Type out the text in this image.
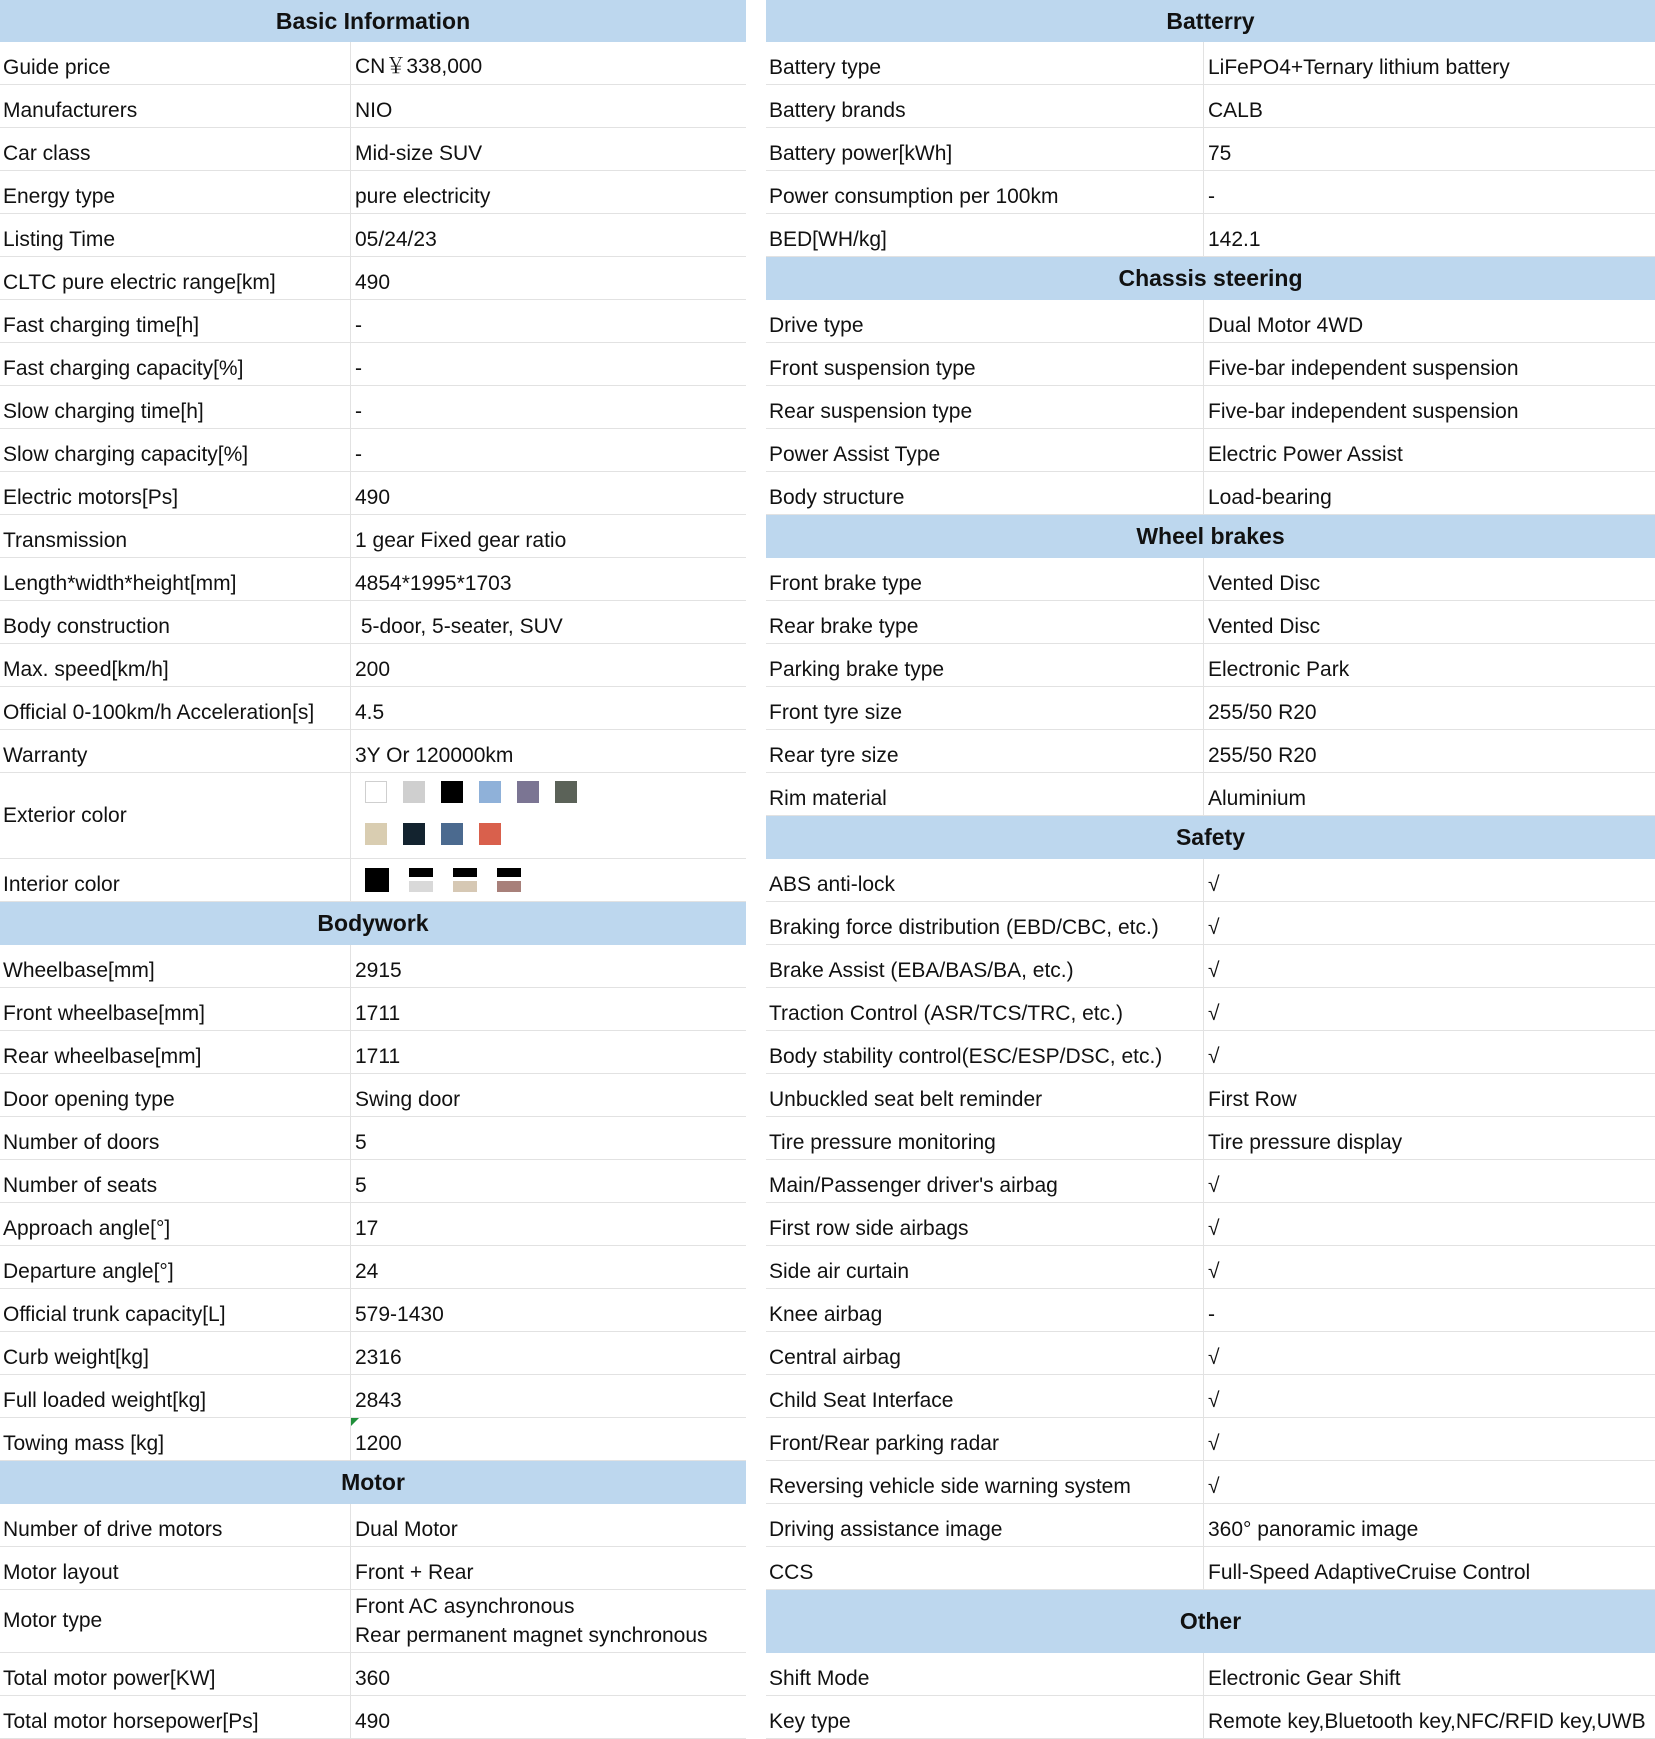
Basic Information
Guide price	CN￥338,000
Manufacturers	NIO
Car class	Mid-size SUV
Energy type	pure electricity
Listing Time	05/24/23
CLTC pure electric range[km]	490
Fast charging time[h]	-
Fast charging capacity[%]	-
Slow charging time[h]	-
Slow charging capacity[%]	-
Electric motors[Ps]	490
Transmission	1 gear Fixed gear ratio
Length*width*height[mm]	4854*1995*1703
Body construction	5-door, 5-seater, SUV
Max. speed[km/h]	200
Official 0-100km/h Acceleration[s]	4.5
Warranty	3Y Or 120000km
Exterior color
Interior color
Bodywork
Wheelbase[mm]	2915
Front wheelbase[mm]	1711
Rear wheelbase[mm]	1711
Door opening type	Swing door
Number of doors	5
Number of seats	5
Approach angle[°]	17
Departure angle[°]	24
Official trunk capacity[L]	579-1430
Curb weight[kg]	2316
Full loaded weight[kg]	2843
Towing mass [kg]	1200
Motor
Number of drive motors	Dual Motor
Motor layout	Front + Rear
Motor type
Front AC asynchronous
Rear permanent magnet synchronous
Total motor power[KW]	360
Total motor horsepower[Ps]	490
Batterry
Battery type	LiFePO4+Ternary lithium battery
Battery brands	CALB
Battery power[kWh]	75
Power consumption per 100km	-
BED[WH/kg]	142.1
Chassis steering
Drive type	Dual Motor 4WD
Front suspension type	Five-bar independent suspension
Rear suspension type	Five-bar independent suspension
Power Assist Type	Electric Power Assist
Body structure	Load-bearing
Wheel brakes
Front brake type	Vented Disc
Rear brake type	Vented Disc
Parking brake type	Electronic Park
Front tyre size	255/50 R20
Rear tyre size	255/50 R20
Rim material	Aluminium
Safety
ABS anti-lock	√
Braking force distribution (EBD/CBC, etc.)	√
Brake Assist (EBA/BAS/BA, etc.)	√
Traction Control (ASR/TCS/TRC, etc.)	√
Body stability control(ESC/ESP/DSC, etc.)	√
Unbuckled seat belt reminder	First Row
Tire pressure monitoring	Tire pressure display
Main/Passenger driver's airbag	√
First row side airbags	√
Side air curtain	√
Knee airbag	-
Central airbag	√
Child Seat Interface	√
Front/Rear parking radar	√
Reversing vehicle side warning system	√
Driving assistance image	360° panoramic image
CCS	Full-Speed AdaptiveCruise Control
Other
Shift Mode	Electronic Gear Shift
Key type	Remote key,Bluetooth key,NFC/RFID key,UWB
